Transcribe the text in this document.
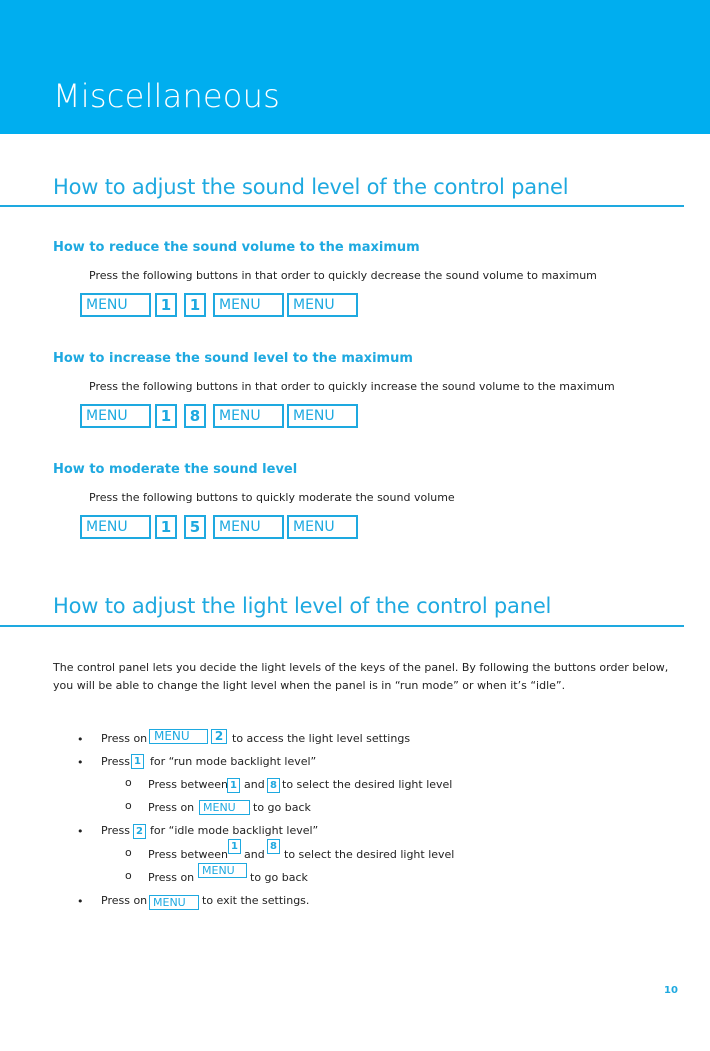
Miscellaneous
How to adjust the sound level of the control panel
How to reduce the sound volume to the maximum
Press the following buttons in that order to quickly decrease the sound volume to maximum
MENU	1	1	MENU	MENU
How to increase the sound level to the maximum
Press the following buttons in that order to quickly increase the sound volume to the maximum
MENU	1	8	MENU	MENU
How to moderate the sound level
Press the following buttons to quickly moderate the sound volume
MENU	1	5	MENU	MENU
How to adjust the light level of the control panel
The control panel lets you decide the light levels of the keys of the panel. By following the buttons order below, you will be able to change the light level when the panel is in “run mode” or when it’s “idle”.
• Press on MENU	2 to access the light level settings
• Press 1 for “run mode backlight level”
o Press between 1 and 8 to select the desired light level
o Press on MENU	to go back
• Press 2 for “idle mode backlight level”
o Press between
1
and
8
to select the desired light level
o Press on
MENU
to go back
• Press on MENU	to exit the settings.
10
